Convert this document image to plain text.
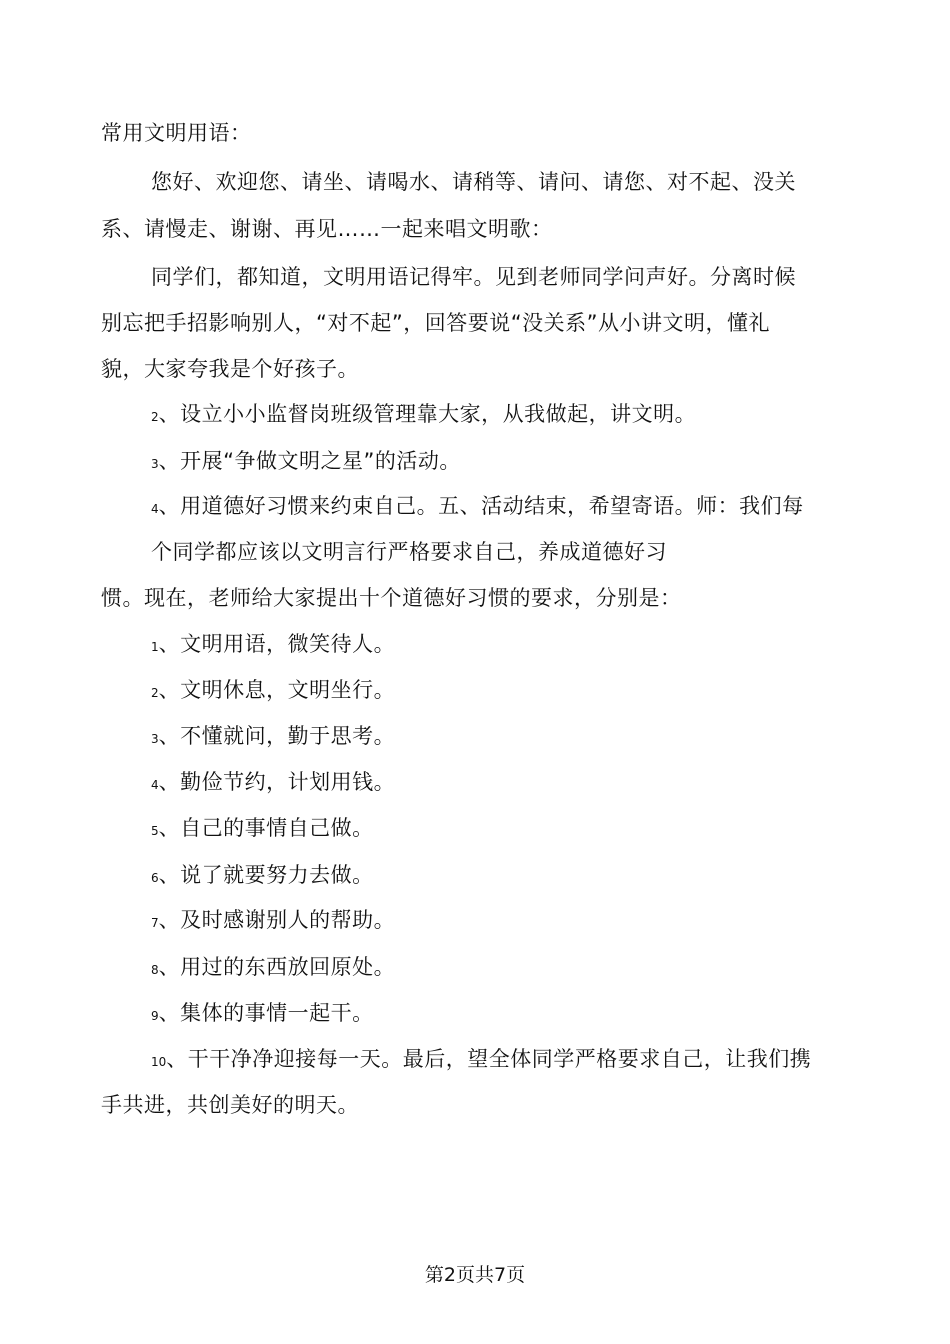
常用文明用语：
您好、欢迎您、请坐、请喝水、请稍等、请问、请您、对不起、没关
系、请慢走、谢谢、再见……一起来唱文明歌：
同学们，都知道，文明用语记得牢。见到老师同学问声好。分离时候
别忘把手招影响别人，“对不起”，回答要说“没关系”从小讲文明，懂礼
貌，大家夸我是个好孩子。
2、设立小小监督岗班级管理靠大家，从我做起，讲文明。
3、开展“争做文明之星”的活动。
4、用道德好习惯来约束自己。五、活动结束，希望寄语。师：我们每
个同学都应该以文明言行严格要求自己，养成道德好习
惯。现在，老师给大家提出十个道德好习惯的要求，分别是：
1、文明用语，微笑待人。
2、文明休息，文明坐行。
3、不懂就问，勤于思考。
4、勤俭节约，计划用钱。
5、自己的事情自己做。
6、说了就要努力去做。
7、及时感谢别人的帮助。
8、用过的东西放回原处。
9、集体的事情一起干。
10、干干净净迎接每一天。最后，望全体同学严格要求自己，让我们携
手共进，共创美好的明天。
第2页共7页
